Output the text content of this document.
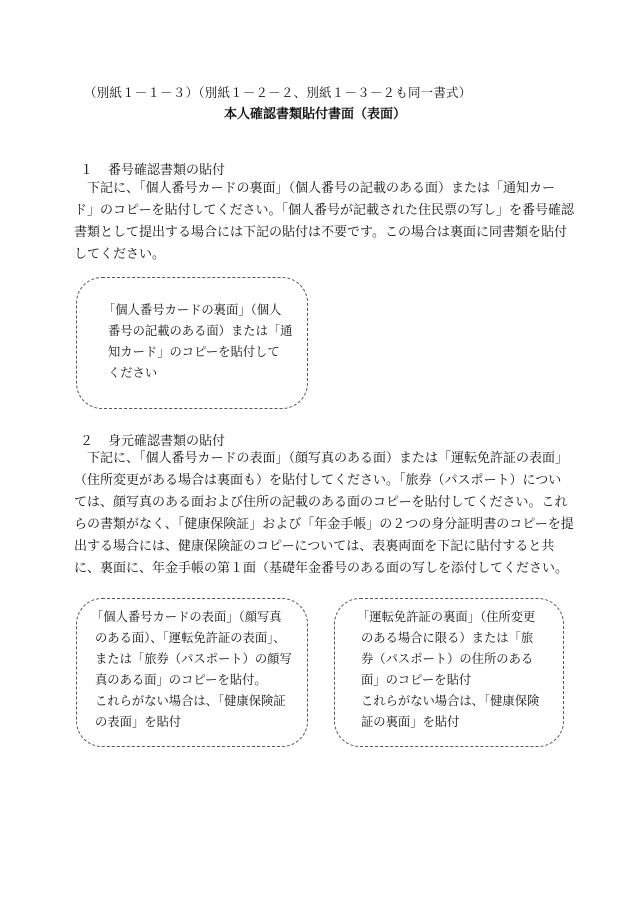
（別紙１－１－３）（別紙１－２－２、別紙１－３－２も同一書式）
本人確認書類貼付書面（表面）
１ 番号確認書類の貼付
下記に、「個人番号カードの裏面」（個人番号の記載のある面）または「通知カード」のコピーを貼付してください。「個人番号が記載された住民票の写し」を番号確認書類として提出する場合には下記の貼付は不要です。この場合は裏面に同書類を貼付してください。
「個人番号カードの裏面」（個人
番号の記載のある面）または「通
知カード」のコピーを貼付して
ください
２ 身元確認書類の貼付
下記に、「個人番号カードの表面」（顔写真のある面）または「運転免許証の表面」（住所変更がある場合は裏面も）を貼付してください。「旅券（パスポート）については、顔写真のある面および住所の記載のある面のコピーを貼付してください。これらの書類がなく、「健康保険証」および「年金手帳」の２つの身分証明書のコピーを提出する場合には、健康保険証のコピーについては、表裏両面を下記に貼付すると共に、裏面に、年金手帳の第１面（基礎年金番号のある面の写しを添付してください。
「個人番号カードの表面」（顔写真
のある面）、「運転免許証の表面」、
または「旅券（パスポート）の顔写
真のある面」のコピーを貼付。
これらがない場合は、「健康保険証
の表面」を貼付
「運転免許証の裏面」（住所変更
のある場合に限る）または「旅
券（パスポート）の住所のある
面」のコピーを貼付
これらがない場合は、「健康保険
証の裏面」を貼付
